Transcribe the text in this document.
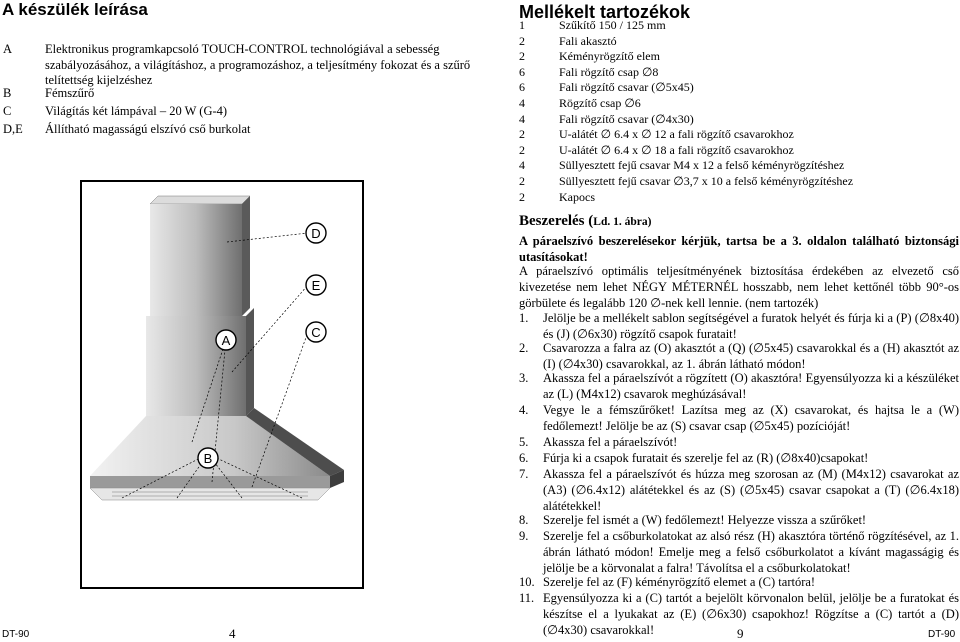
A készülék leírása
A	Elektronikus programkapcsoló TOUCH-CONTROL technológiával a sebesség szabályozásához, a világításhoz, a programozáshoz, a teljesítmény fokozat és a szűrő telítettség kijelzéshez
B	Fémszűrő
C	Világítás két lámpával – 20 W (G-4)
D,E	Állítható magasságú elszívó cső burkolat
D
E
C
A
B
Mellékelt tartozékok
1	Szűkítő 150 / 125 mm
2	Fali akasztó
2	Kéményrögzítő elem
6	Fali rögzítő csap ∅8
6	Fali rögzítő csavar (∅5x45)
4	Rögzítő csap ∅6
4	Fali rögzítő csavar (∅4x30)
2	U-alátét ∅ 6.4 x ∅ 12 a fali rögzítő csavarokhoz
2	U-alátét ∅ 6.4 x ∅ 18 a fali rögzítő csavarokhoz
4	Süllyesztett fejű csavar M4 x 12 a felső kéményrögzítéshez
2	Süllyesztett fejű csavar ∅3,7 x 10 a felső kéményrögzítéshez
2	Kapocs
Beszerelés (Ld. 1. ábra)
A páraelszívó beszerelésekor kérjük, tartsa be a 3. oldalon található biztonsági utasításokat!
A páraelszívó optimális teljesítményének biztosítása érdekében az elvezető cső kivezetése nem lehet NÉGY MÉTERNÉL hosszabb, nem lehet kettőnél több 90°-os görbülete és legalább 120 ∅-nek kell lennie. (nem tartozék)
1. Jelölje be a mellékelt sablon segítségével a furatok helyét és fúrja ki a (P) (∅8x40) és (J) (∅6x30) rögzítő csapok furatait!
2. Csavarozza a falra az (O) akasztót a (Q) (∅5x45) csavarokkal és a (H) akasztót az (I) (∅4x30) csavarokkal, az 1. ábrán látható módon!
3. Akassza fel a páraelszívót a rögzített (O) akasztóra! Egyensúlyozza ki a készüléket az (L) (M4x12) csavarok meghúzásával!
4. Vegye le a fémszűrőket! Lazítsa meg az (X) csavarokat, és hajtsa le a (W) fedőlemezt! Jelölje be az (S) csavar csap (∅5x45) pozícióját!
5. Akassza fel a páraelszívót!
6. Fúrja ki a csapok furatait és szerelje fel az (R) (∅8x40)csapokat!
7. Akassza fel a páraelszívót és húzza meg szorosan az (M) (M4x12) csavarokat az (A3) (∅6.4x12) alátétekkel és az (S) (∅5x45) csavar csapokat a (T) (∅6.4x18) alátétekkel!
8. Szerelje fel ismét a (W) fedőlemezt! Helyezze vissza a szűrőket!
9. Szerelje fel a csőburkolatokat az alsó rész (H) akasztóra történő rögzítésével, az 1. ábrán látható módon! Emelje meg a felső csőburkolatot a kívánt magasságig és jelölje be a körvonalat a falra! Távolítsa el a csőburkolatokat!
10. Szerelje fel az (F) kéményrögzítő elemet a (C) tartóra!
11. Egyensúlyozza ki a (C) tartót a bejelölt körvonalon belül, jelölje be a furatokat és készítse el a lyukakat az (E) (∅6x30) csapokhoz! Rögzítse a (C) tartót a (D) (∅4x30) csavarokkal!
DT-90	4	9	DT-90
